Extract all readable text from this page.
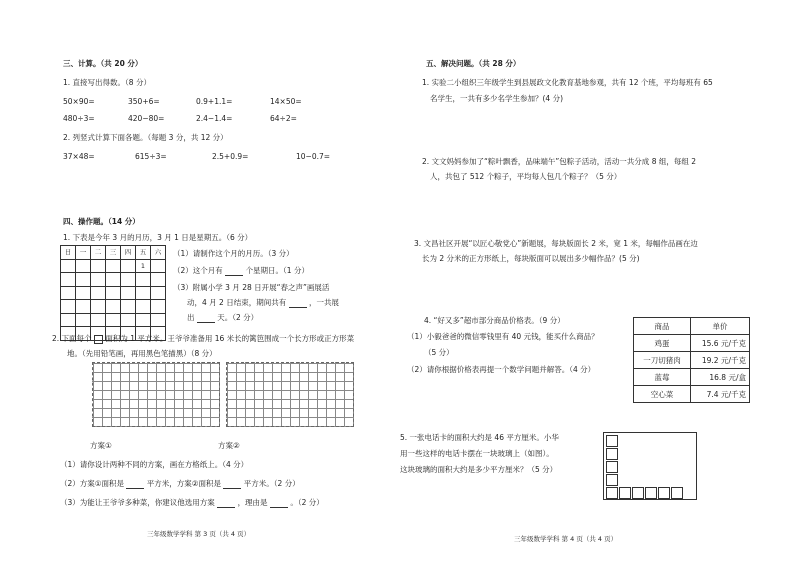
三、计算。（共 20 分）
1. 直接写出得数。（8 分）
50×90=	350+6=	0.9+1.1=	14×50=
480÷3=	420−80=	2.4−1.4=	64÷2=
2. 列竖式计算下面各题。（每题 3 分，共 12 分）
37×48=	615÷3=	2.5+0.9=	10−0.7=
四、操作题。（14 分）
1. 下表是今年 3 月的月历，3 月 1 日是星期五。（6 分）
日	一	二	三	四	五	六
					1	

（1）请制作这个月的月历。（3 分）
（2）这个月有	个星期日。（1 分）
（3）附属小学 3 月 28 日开展“春之声”画展活
动，4 月 2 日结束，期间共有	，一共展
出	天。（2 分）
2. 下面每个 面积为 1 平方米。王爷爷准备用 16 米长的篱笆围成一个长方形或正方形菜
地。（先用铅笔画，再用黑色笔描黑）（8 分）
方案①	方案②
（1）请你设计两种不同的方案，画在方格纸上。（4 分）
（2）方案①面积是	平方米，方案②面积是	平方米。（2 分）
（3）为能让王爷爷多种菜，你建议他选用方案	，理由是	。（2 分）
三年级数学学科 第 3 页（共 4 页）
五、解决问题。（共 28 分）
1. 实验二小组织三年级学生到县展政文化教育基地参观，共有 12 个班，平均每班有 65
名学生，一共有多少名学生参加？(4 分)
2. 文文妈妈参加了“粽叶飘香，品味端午”包粽子活动，活动一共分成 8 组，每组 2
人，共包了 512 个粽子，平均每人包几个粽子？（5 分）
3. 文昌社区开展“以匠心敬党心”新题展，每块版面长 2 米，宽 1 米，每幅作品画在边
长为 2 分米的正方形纸上，每块版面可以展出多少幅作品？(5 分)
4. “好又多”超市部分商品价格表。（9 分）
（1）小毅爸爸的微信零钱里有 40 元钱，能买什么商品？
（5 分）
（2）请你根据价格表再提一个数学问题并解答。（4 分）
商品	单价
鸡蛋	15.6 元/千克
一刀切猪肉	19.2 元/千克
蓝莓	16.8 元/盒
空心菜	7.4 元/千克
5. 一张电话卡的面积大约是 46 平方厘米。小华
用一些这样的电话卡摆在一块玻璃上（如图）。
这块玻璃的面积大约是多少平方厘米？（5 分）
三年级数学学科 第 4 页（共 4 页）
